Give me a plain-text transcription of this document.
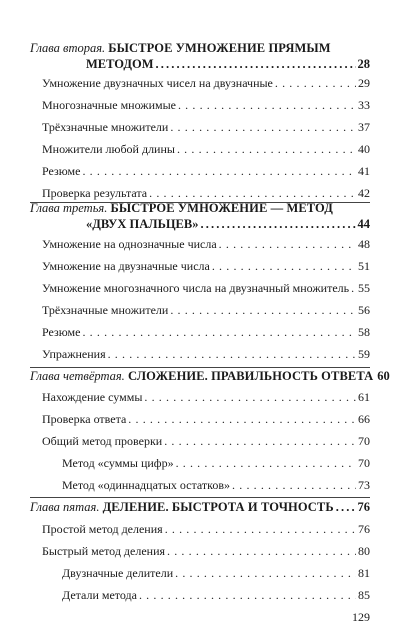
Глава вторая.
БЫСТРОЕ УМНОЖЕНИЕ ПРЯМЫМ
МЕТОДОМ . . .	28
Умножение двузначных чисел на двузначные . . .	29
Многозначные множимые . . .	33
Трёхзначные множители . . .	37
Множители любой длины . . .	40
Резюме . . .	41
Проверка результата . . .	42
Глава третья.
БЫСТРОЕ УМНОЖЕНИЕ — МЕТОД
«ДВУХ ПАЛЬЦЕВ» . . .	44
Умножение на однозначные числа . . .	48
Умножение на двузначные числа . . .	51
Умножение многозначного числа на двузначный множитель . . . 55
Трёхзначные множители . . .	56
Резюме . . .	58
Упражнения . . .	59
Глава четвёртая.
СЛОЖЕНИЕ. ПРАВИЛЬНОСТЬ ОТВЕТА 60
Нахождение суммы . . .	61
Проверка ответа . . .	66
Общий метод проверки . . .	70
Метод «суммы цифр» . . .	70
Метод «одиннадцатых остатков» . . .	73
Глава пятая.
ДЕЛЕНИЕ. БЫСТРОТА И ТОЧНОСТЬ . . . 76
Простой метод деления . . .	76
Быстрый метод деления . . .	80
Двузначные делители . . .	81
Детали метода . . .	85
129
